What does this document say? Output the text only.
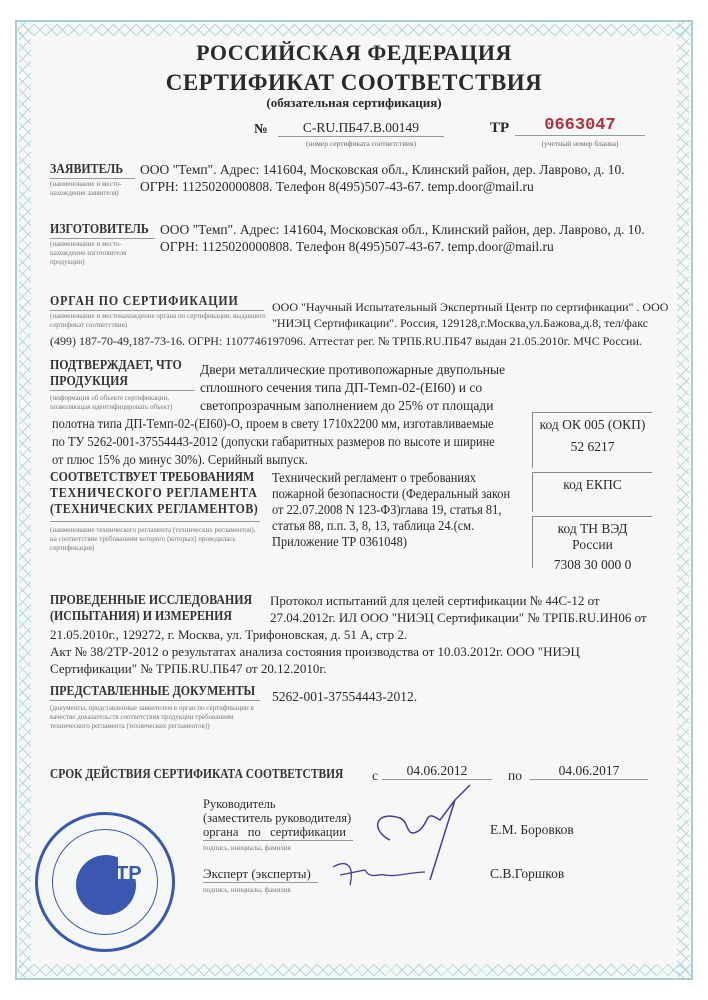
РОССИЙСКАЯ ФЕДЕРАЦИЯ
СЕРТИФИКАТ СООТВЕТСТВИЯ
(обязательная сертификация)
№	C-RU.ПБ47.В.00149
(номер сертификата соответствия)
ТР	0663047
(учетный номер бланка)
ЗАЯВИТЕЛЬ
(наименование и место-нахождение заявителя)
ООО "Темп". Адрес: 141604, Московская обл., Клинский район, дер. Лаврово, д. 10.
ОГРН: 1125020000808. Телефон 8(495)507-43-67. temp.door@mail.ru
ИЗГОТОВИТЕЛЬ
(наименование и место-нахождение изготовителя продукции)
ООО "Темп". Адрес: 141604, Московская обл., Клинский район, дер. Лаврово, д. 10.
ОГРН: 1125020000808. Телефон 8(495)507-43-67. temp.door@mail.ru
ОРГАН ПО СЕРТИФИКАЦИИ
(наименование и местонахождение органа по сертификации, выдавшего сертификат соответствия)
ООО "Научный Испытательный Экспертный Центр по сертификации" . ООО
"НИЭЦ Сертификации". Россия, 129128,г.Москва,ул.Бажова,д.8, тел/факс
(499) 187-70-49,187-73-16. ОГРН: 1107746197096. Аттестат рег. № ТРПБ.RU.ПБ47 выдан 21.05.2010г. МЧС России.
ПОДТВЕРЖДАЕТ, ЧТО
ПРОДУКЦИЯ
(информация об объекте сертификации, позволяющая идентифицировать объект)
Двери металлические противопожарные двупольные
сплошного сечения типа ДП-Темп-02-(EI60) и со
светопрозрачным заполнением до 25% от площади
полотна типа ДП-Темп-02-(EI60)-О, проем в свету 1710х2200 мм, изготавливаемые
по ТУ 5262-001-37554443-2012 (допуски габаритных размеров по высоте и ширине
от плюс 15% до минус 30%). Серийный выпуск.
код ОК 005 (ОКП)
52 6217
код ЕКПС
код ТН ВЭД России
7308 30 000 0
СООТВЕТСТВУЕТ ТРЕБОВАНИЯМ
ТЕХНИЧЕСКОГО РЕГЛАМЕНТА
(ТЕХНИЧЕСКИХ РЕГЛАМЕНТОВ)
(наименование технического регламента (технических регламентов), на соответствие требованиям которого (которых) проводилась сертификация)
Технический регламент о требованиях
пожарной безопасности (Федеральный закон
от 22.07.2008 N 123-ФЗ)глава 19, статья 81,
статья 88, п.п. 3, 8, 13, таблица 24.(см.
Приложение ТР 0361048)
ПРОВЕДЕННЫЕ ИССЛЕДОВАНИЯ
(ИСПЫТАНИЯ) И ИЗМЕРЕНИЯ
Протокол испытаний для целей сертификации № 44С-12 от
27.04.2012г. ИЛ ООО "НИЭЦ Сертификации" № ТРПБ.RU.ИН06 от
21.05.2010г., 129272, г. Москва, ул. Трифоновская, д. 51 А, стр 2.
Акт № 38/2ТР-2012 о результатах анализа состояния производства от 10.03.2012г. ООО "НИЭЦ
Сертификации" № ТРПБ.RU.ПБ47 от 20.12.2010г.
ПРЕДСТАВЛЕННЫЕ ДОКУМЕНТЫ
(документы, представленные заявителем в орган по сертификации в качестве доказательств соответствия продукции требованиям технического регламента (технических регламентов))
5262-001-37554443-2012.
СРОК ДЕЙСТВИЯ СЕРТИФИКАТА СООТВЕТСТВИЯ с	04.06.2012	по	04.06.2017
Руководитель
(заместитель руководителя)
органа   по   сертификации
подпись, инициалы, фамилия
Е.М. Боровков
Эксперт (эксперты)
подпись, инициалы, фамилия
С.В.Горшков
ТР
